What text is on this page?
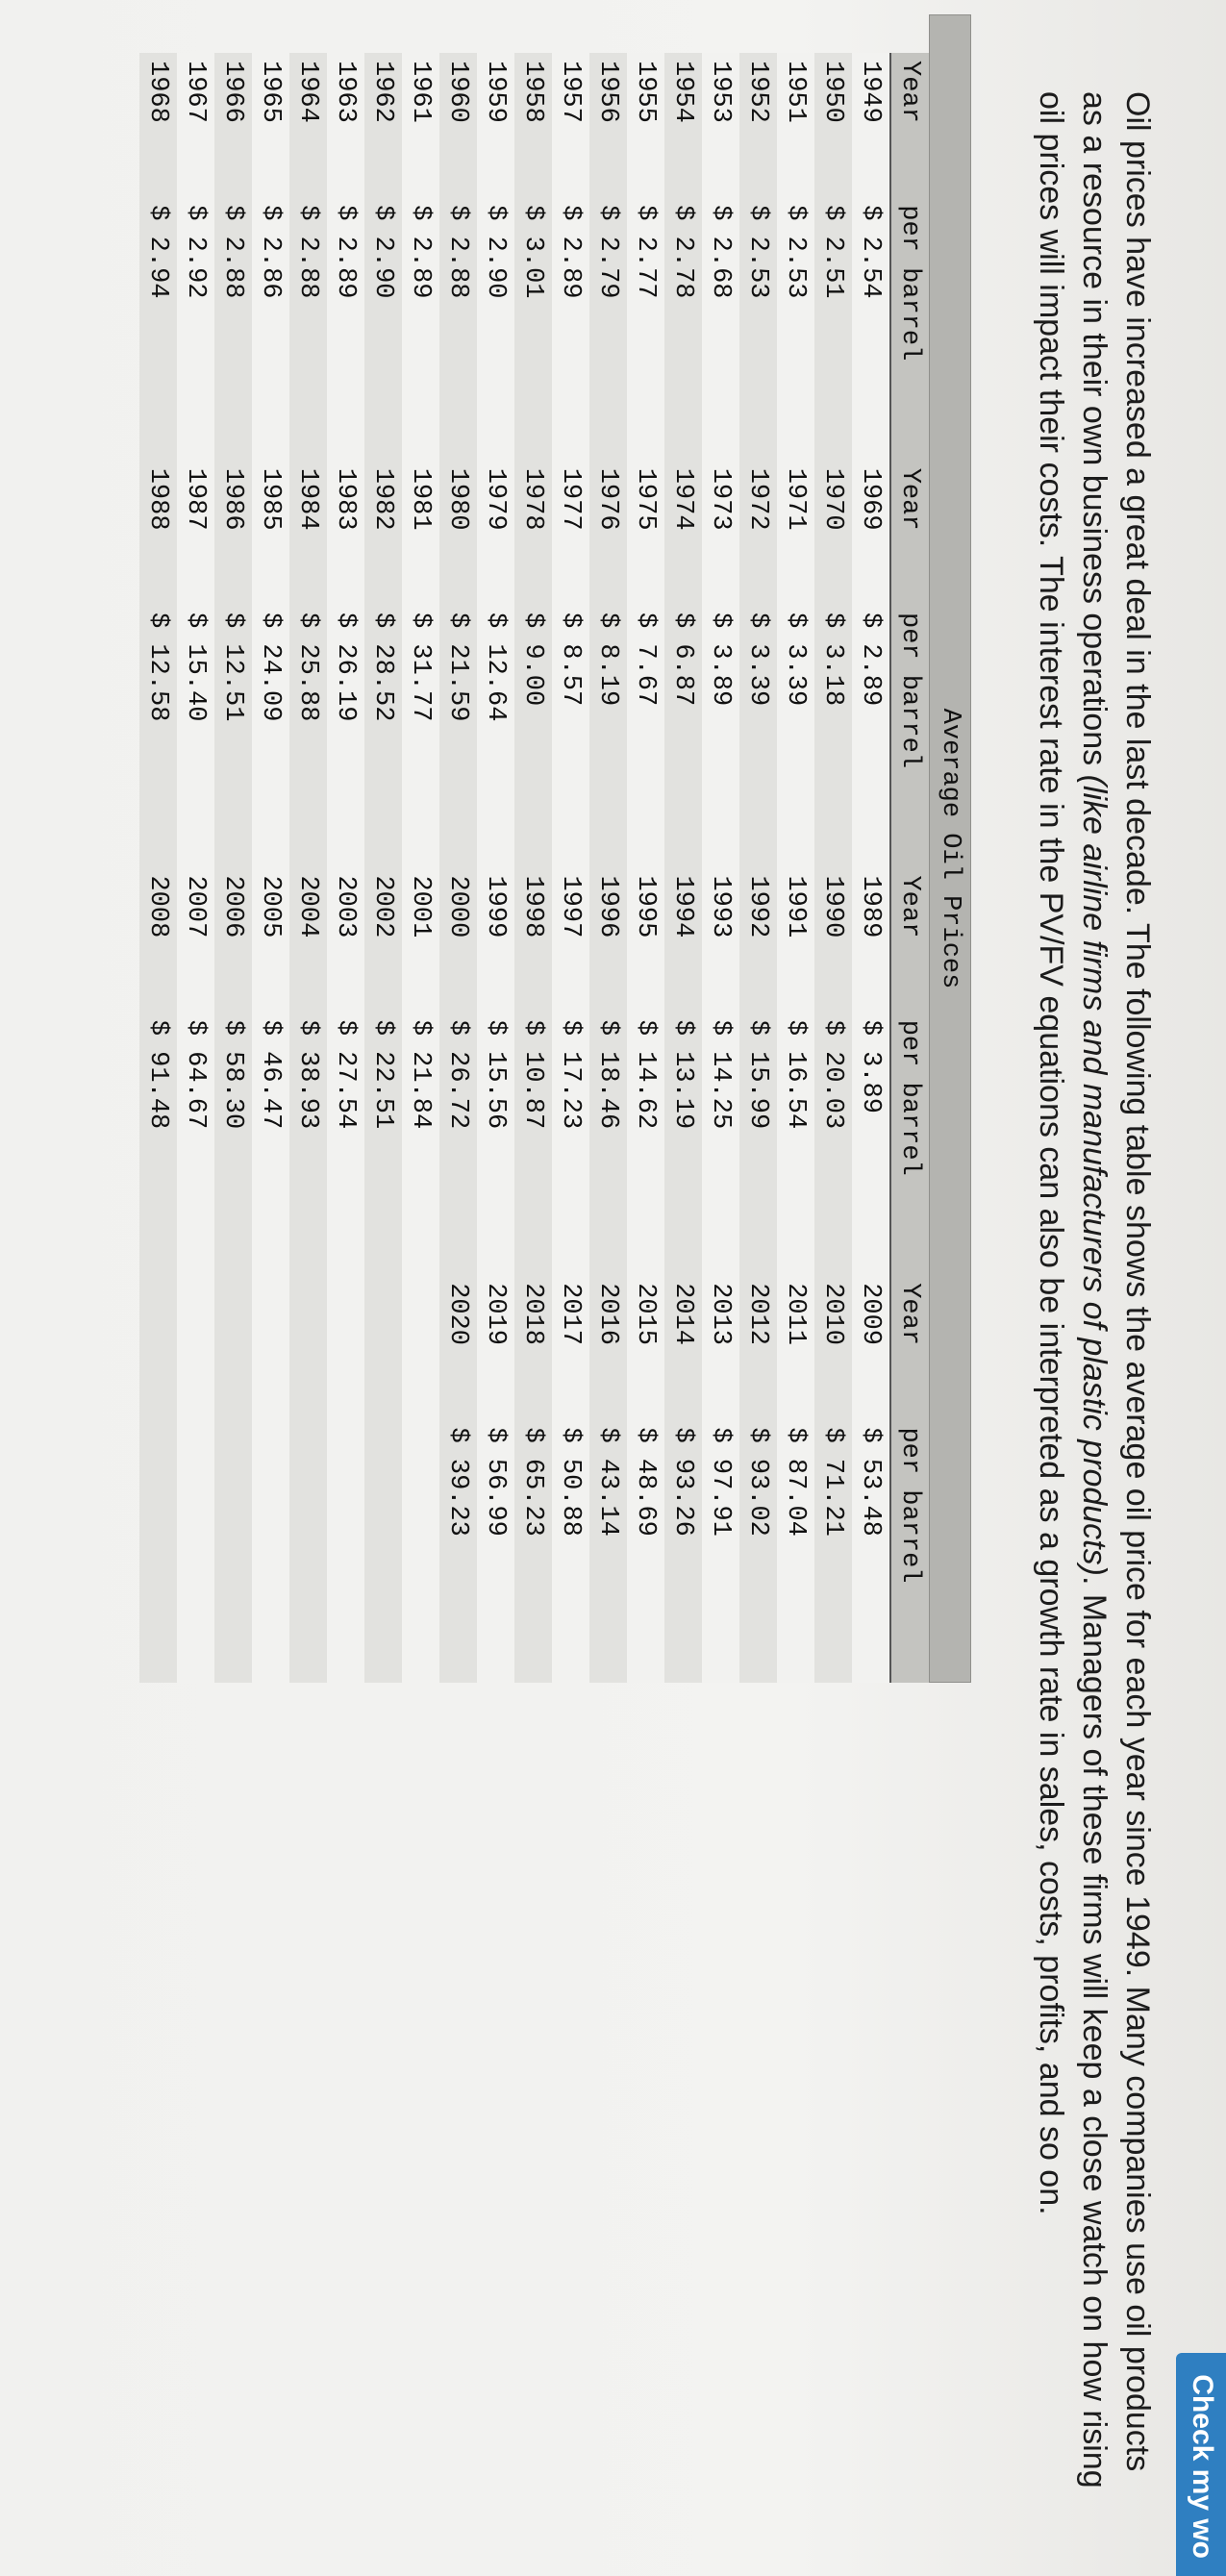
Check my wo

Oil prices have increased a great deal in the last decade. The following table shows the average oil price for each year since 1949. Many companies use oil products as a resource in their own business operations (like airline firms and manufacturers of plastic products). Managers of these firms will keep a close watch on how rising oil prices will impact their costs. The interest rate in the PV/FV equations can also be interpreted as a growth rate in sales, costs, profits, and so on.

Average Oil Prices
Year	per barrel	Year	per barrel	Year	per barrel	Year	per barrel
1949	$ 2.54	1969	$ 2.89	1989	$ 3.89	2009	$ 53.48
1950	$ 2.51	1970	$ 3.18	1990	$ 20.03	2010	$ 71.21
1951	$ 2.53	1971	$ 3.39	1991	$ 16.54	2011	$ 87.04
1952	$ 2.53	1972	$ 3.39	1992	$ 15.99	2012	$ 93.02
1953	$ 2.68	1973	$ 3.89	1993	$ 14.25	2013	$ 97.91
1954	$ 2.78	1974	$ 6.87	1994	$ 13.19	2014	$ 93.26
1955	$ 2.77	1975	$ 7.67	1995	$ 14.62	2015	$ 48.69
1956	$ 2.79	1976	$ 8.19	1996	$ 18.46	2016	$ 43.14
1957	$ 2.89	1977	$ 8.57	1997	$ 17.23	2017	$ 50.88
1958	$ 3.01	1978	$ 9.00	1998	$ 10.87	2018	$ 65.23
1959	$ 2.90	1979	$ 12.64	1999	$ 15.56	2019	$ 56.99
1960	$ 2.88	1980	$ 21.59	2000	$ 26.72	2020	$ 39.23
1961	$ 2.89	1981	$ 31.77	2001	$ 21.84		
1962	$ 2.90	1982	$ 28.52	2002	$ 22.51		
1963	$ 2.89	1983	$ 26.19	2003	$ 27.54		
1964	$ 2.88	1984	$ 25.88	2004	$ 38.93		
1965	$ 2.86	1985	$ 24.09	2005	$ 46.47		
1966	$ 2.88	1986	$ 12.51	2006	$ 58.30		
1967	$ 2.92	1987	$ 15.40	2007	$ 64.67		
1968	$ 2.94	1988	$ 12.58	2008	$ 91.48		
